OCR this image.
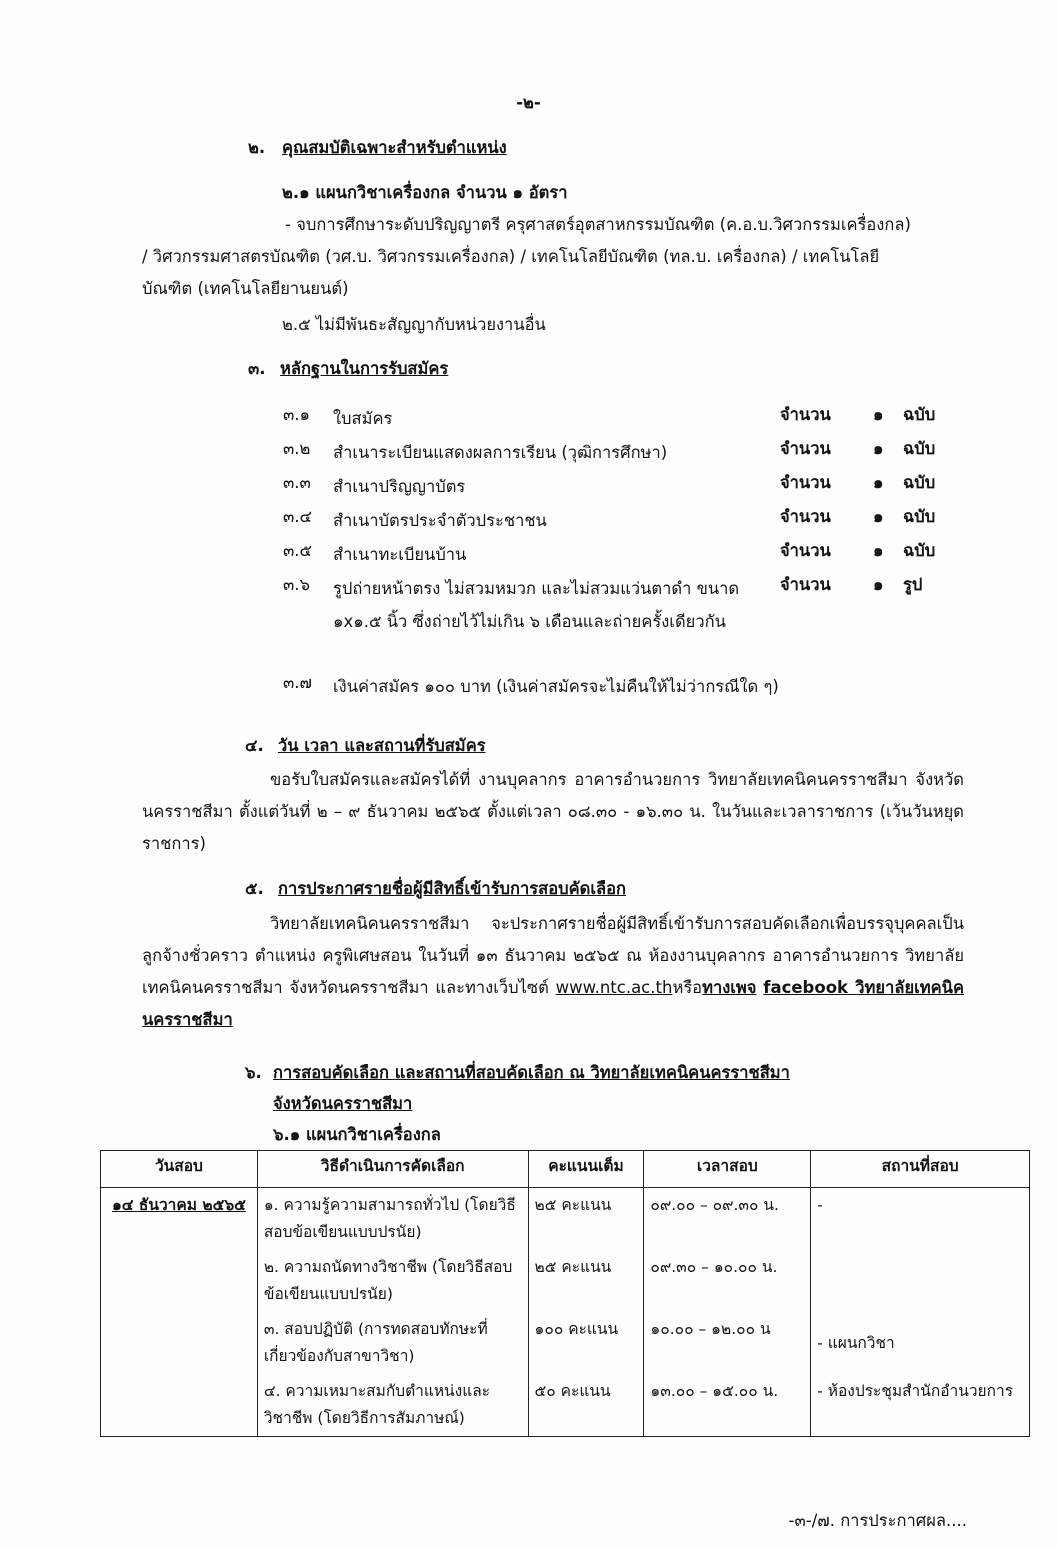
-๒-
๒. คุณสมบัติเฉพาะสำหรับตำแหน่ง
๒.๑ แผนกวิชาเครื่องกล จำนวน ๑ อัตรา
- จบการศึกษาระดับปริญญาตรี ครุศาสตร์อุตสาหกรรมบัณฑิต (ค.อ.บ.วิศวกรรมเครื่องกล)
/ วิศวกรรมศาสตรบัณฑิต (วศ.บ. วิศวกรรมเครื่องกล) / เทคโนโลยีบัณฑิต (ทล.บ. เครื่องกล) / เทคโนโลยี
บัณฑิต (เทคโนโลยียานยนต์)
๒.๕ ไม่มีพันธะสัญญากับหน่วยงานอื่น
๓. หลักฐานในการรับสมัคร
๓.๑ ใบสมัคร	จำนวน	๑ ฉบับ
๓.๒ สำเนาระเบียนแสดงผลการเรียน (วุฒิการศึกษา)	จำนวน	๑ ฉบับ
๓.๓ สำเนาปริญญาบัตร	จำนวน	๑ ฉบับ
๓.๔ สำเนาบัตรประจำตัวประชาชน	จำนวน	๑ ฉบับ
๓.๕ สำเนาทะเบียนบ้าน	จำนวน	๑ ฉบับ
๓.๖ รูปถ่ายหน้าตรง ไม่สวมหมวก และไม่สวมแว่นตาดำ ขนาด ๑x๑.๕ นิ้ว ซึ่งถ่ายไว้ไม่เกิน ๖ เดือนและถ่ายครั้งเดียวกัน
จำนวน	๑ รูป
๓.๗ เงินค่าสมัคร ๑๐๐ บาท (เงินค่าสมัครจะไม่คืนให้ไม่ว่ากรณีใด ๆ)
๔. วัน เวลา และสถานที่รับสมัคร
ขอรับใบสมัครและสมัครได้ที่ งานบุคลากร อาคารอำนวยการ วิทยาลัยเทคนิคนครราชสีมา จังหวัดนครราชสีมา ตั้งแต่วันที่ ๒ – ๙ ธันวาคม ๒๕๖๕ ตั้งแต่เวลา ๐๘.๓๐ - ๑๖.๓๐ น. ในวันและเวลาราชการ (เว้นวันหยุดราชการ)
๕. การประกาศรายชื่อผู้มีสิทธิ์เข้ารับการสอบคัดเลือก
วิทยาลัยเทคนิคนครราชสีมา จะประกาศรายชื่อผู้มีสิทธิ์เข้ารับการสอบคัดเลือกเพื่อบรรจุบุคคลเป็นลูกจ้างชั่วคราว ตำแหน่ง ครูพิเศษสอน ในวันที่ ๑๓ ธันวาคม ๒๕๖๕ ณ ห้องงานบุคลากร อาคารอำนวยการ วิทยาลัยเทคนิคนครราชสีมา จังหวัดนครราชสีมา และทางเว็บไซต์ www.ntc.ac.thหรือทางเพจ facebook วิทยาลัยเทคนิคนครราชสีมา
๖. การสอบคัดเลือก และสถานที่สอบคัดเลือก ณ วิทยาลัยเทคนิคนครราชสีมา
จังหวัดนครราชสีมา
๖.๑ แผนกวิชาเครื่องกล
วันสอบ	วิธีดำเนินการคัดเลือก	คะแนนเต็ม	เวลาสอบ	สถานที่สอบ
๑๔ ธันวาคม ๒๕๖๕	๑. ความรู้ความสามารถทั่วไป (โดยวิธีสอบข้อเขียนแบบปรนัย)	๒๕ คะแนน	๐๙.๐๐ – ๐๙.๓๐ น.	-
	๒. ความถนัดทางวิชาชีพ (โดยวิธีสอบข้อเขียนแบบปรนัย)	๒๕ คะแนน	๐๙.๓๐ – ๑๐.๐๐ น.	
	๓. สอบปฏิบัติ (การทดสอบทักษะที่เกี่ยวข้องกับสาขาวิชา)	๑๐๐ คะแนน	๑๐.๐๐ – ๑๒.๐๐ น	- แผนกวิชา
	๔. ความเหมาะสมกับตำแหน่งและวิชาชีพ (โดยวิธีการสัมภาษณ์)	๕๐ คะแนน	๑๓.๐๐ – ๑๕.๐๐ น.	- ห้องประชุมสำนักอำนวยการ
-๓-/๗. การประกาศผล....
